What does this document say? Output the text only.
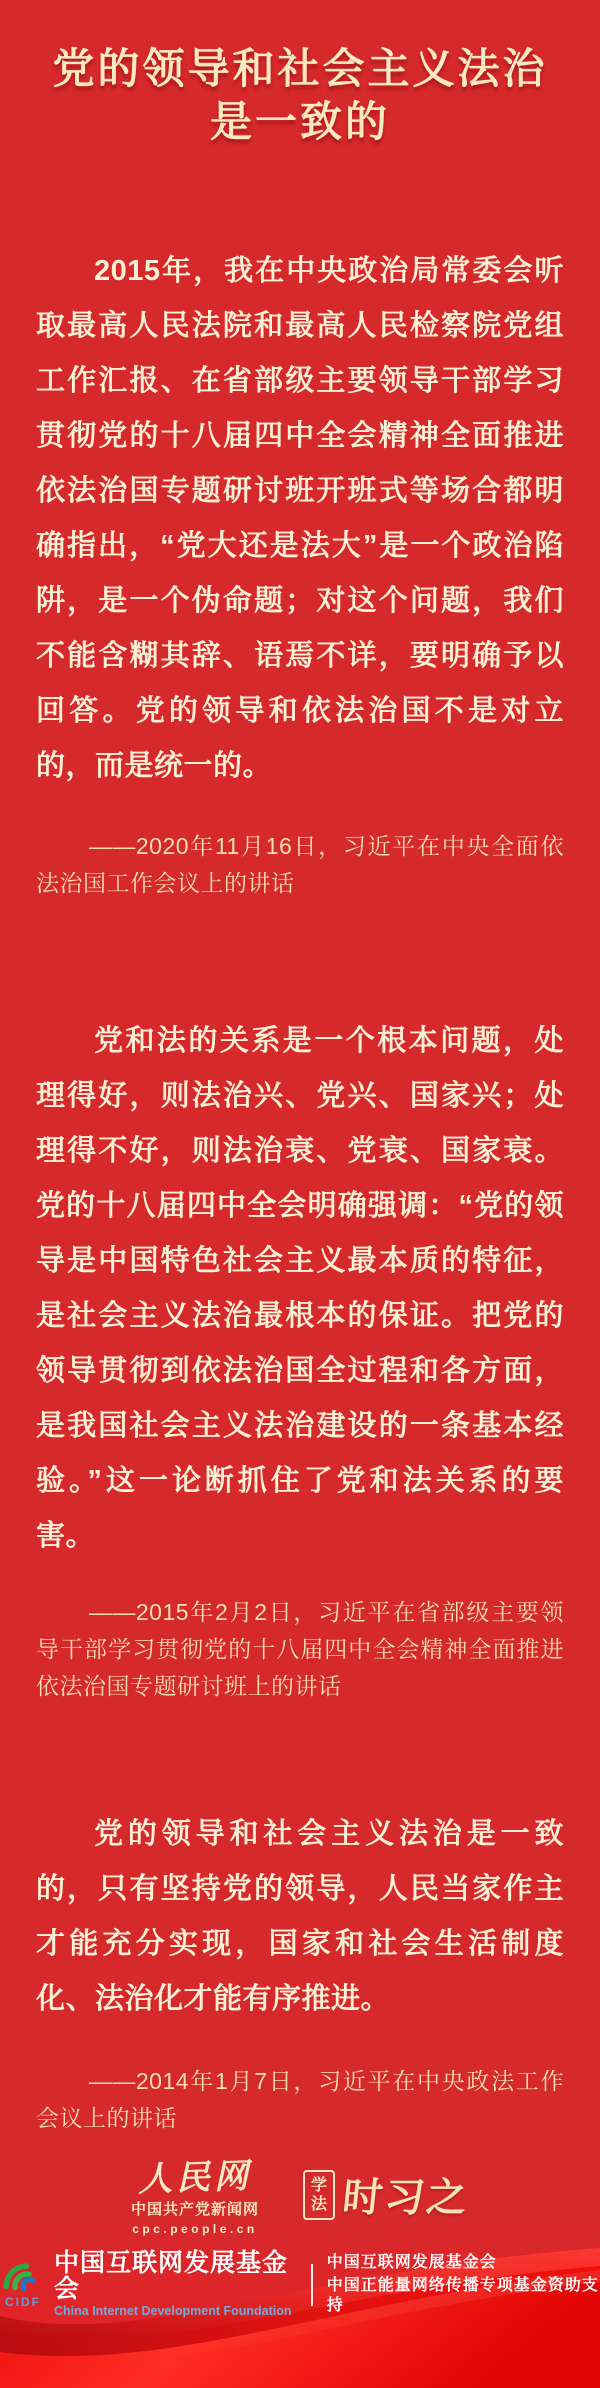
党的领导和社会主义法治
是一致的

2015年，我在中央政治局常委会听取最高人民法院和最高人民检察院党组工作汇报、在省部级主要领导干部学习贯彻党的十八届四中全会精神全面推进依法治国专题研讨班开班式等场合都明确指出，“党大还是法大”是一个政治陷阱，是一个伪命题；对这个问题，我们不能含糊其辞、语焉不详，要明确予以回答。党的领导和依法治国不是对立的，而是统一的。

——2020年11月16日，习近平在中央全面依法治国工作会议上的讲话

党和法的关系是一个根本问题，处理得好，则法治兴、党兴、国家兴；处理得不好，则法治衰、党衰、国家衰。党的十八届四中全会明确强调：“党的领导是中国特色社会主义最本质的特征，是社会主义法治最根本的保证。把党的领导贯彻到依法治国全过程和各方面，是我国社会主义法治建设的一条基本经验。”这一论断抓住了党和法关系的要害。

——2015年2月2日，习近平在省部级主要领导干部学习贯彻党的十八届四中全会精神全面推进依法治国专题研讨班上的讲话

党的领导和社会主义法治是一致的，只有坚持党的领导，人民当家作主才能充分实现，国家和社会生活制度化、法治化才能有序推进。

——2014年1月7日，习近平在中央政法工作会议上的讲话

人民网
中国共产党新闻网
cpc.people.cn
学
法 时习之
CIDF
中国互联网发展基金会
China Internet Development Foundation
中国互联网发展基金会
中国正能量网络传播专项基金资助支持
